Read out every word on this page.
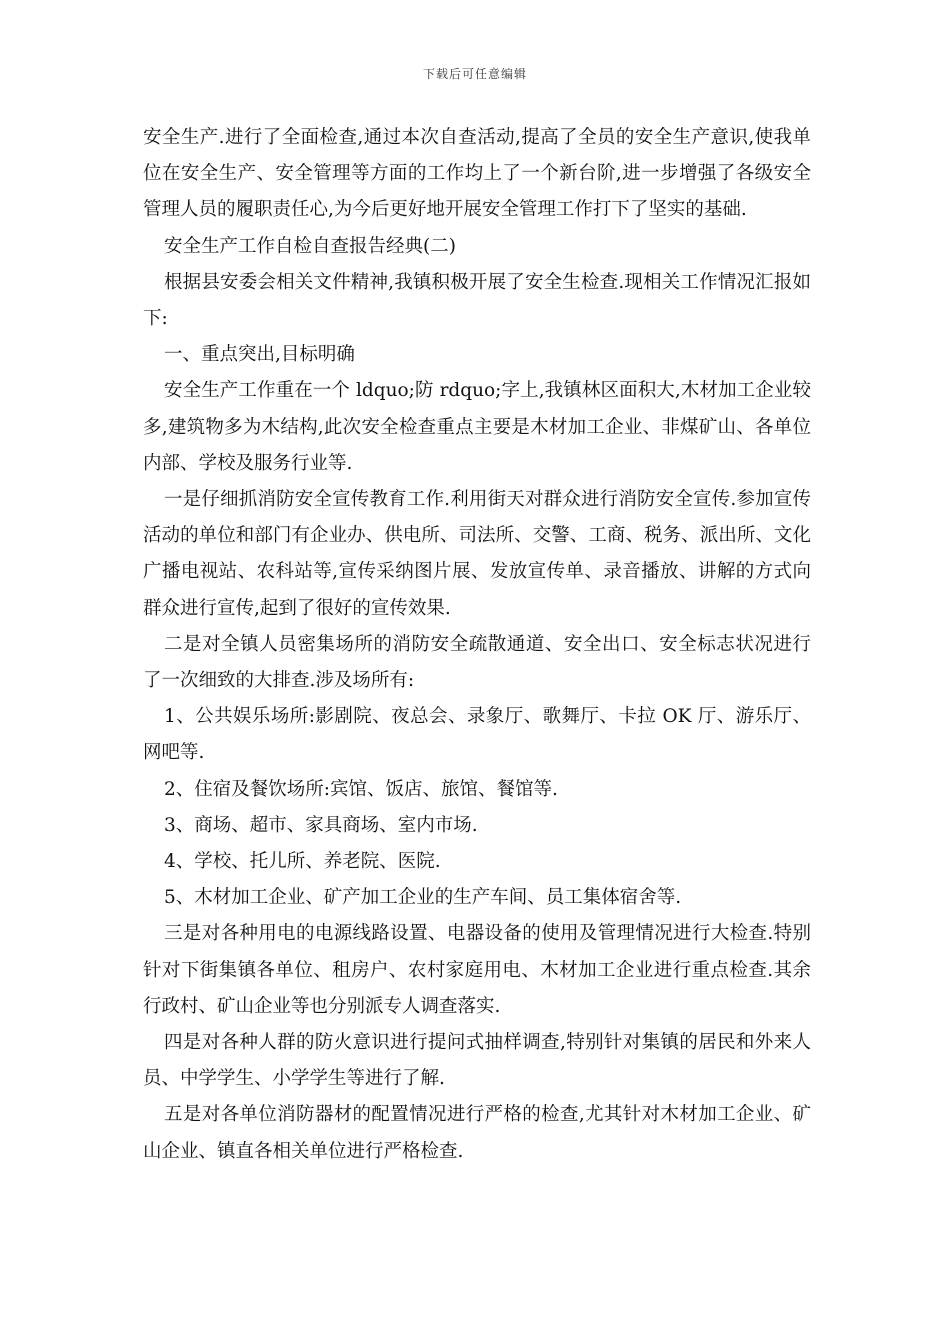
下载后可任意编辑

安全生产.进行了全面检查,通过本次自查活动,提高了全员的安全生产意识,使我单位在安全生产、安全管理等方面的工作均上了一个新台阶,进一步增强了各级安全管理人员的履职责任心,为今后更好地开展安全管理工作打下了坚实的基础.

安全生产工作自检自查报告经典(二)

根据县安委会相关文件精神,我镇积极开展了安全生检查.现相关工作情况汇报如下:

一、重点突出,目标明确

安全生产工作重在一个 ldquo;防 rdquo;字上,我镇林区面积大,木材加工企业较多,建筑物多为木结构,此次安全检查重点主要是木材加工企业、非煤矿山、各单位内部、学校及服务行业等.

一是仔细抓消防安全宣传教育工作.利用街天对群众进行消防安全宣传.参加宣传活动的单位和部门有企业办、供电所、司法所、交警、工商、税务、派出所、文化广播电视站、农科站等,宣传采纳图片展、发放宣传单、录音播放、讲解的方式向群众进行宣传,起到了很好的宣传效果.

二是对全镇人员密集场所的消防安全疏散通道、安全出口、安全标志状况进行了一次细致的大排查.涉及场所有:

1、公共娱乐场所:影剧院、夜总会、录象厅、歌舞厅、卡拉 OK 厅、游乐厅、网吧等.

2、住宿及餐饮场所:宾馆、饭店、旅馆、餐馆等.

3、商场、超市、家具商场、室内市场.

4、学校、托儿所、养老院、医院.

5、木材加工企业、矿产加工企业的生产车间、员工集体宿舍等.

三是对各种用电的电源线路设置、电器设备的使用及管理情况进行大检查.特别针对下街集镇各单位、租房户、农村家庭用电、木材加工企业进行重点检查.其余行政村、矿山企业等也分别派专人调查落实.

四是对各种人群的防火意识进行提问式抽样调查,特别针对集镇的居民和外来人员、中学学生、小学学生等进行了解.

五是对各单位消防器材的配置情况进行严格的检查,尤其针对木材加工企业、矿山企业、镇直各相关单位进行严格检查.
